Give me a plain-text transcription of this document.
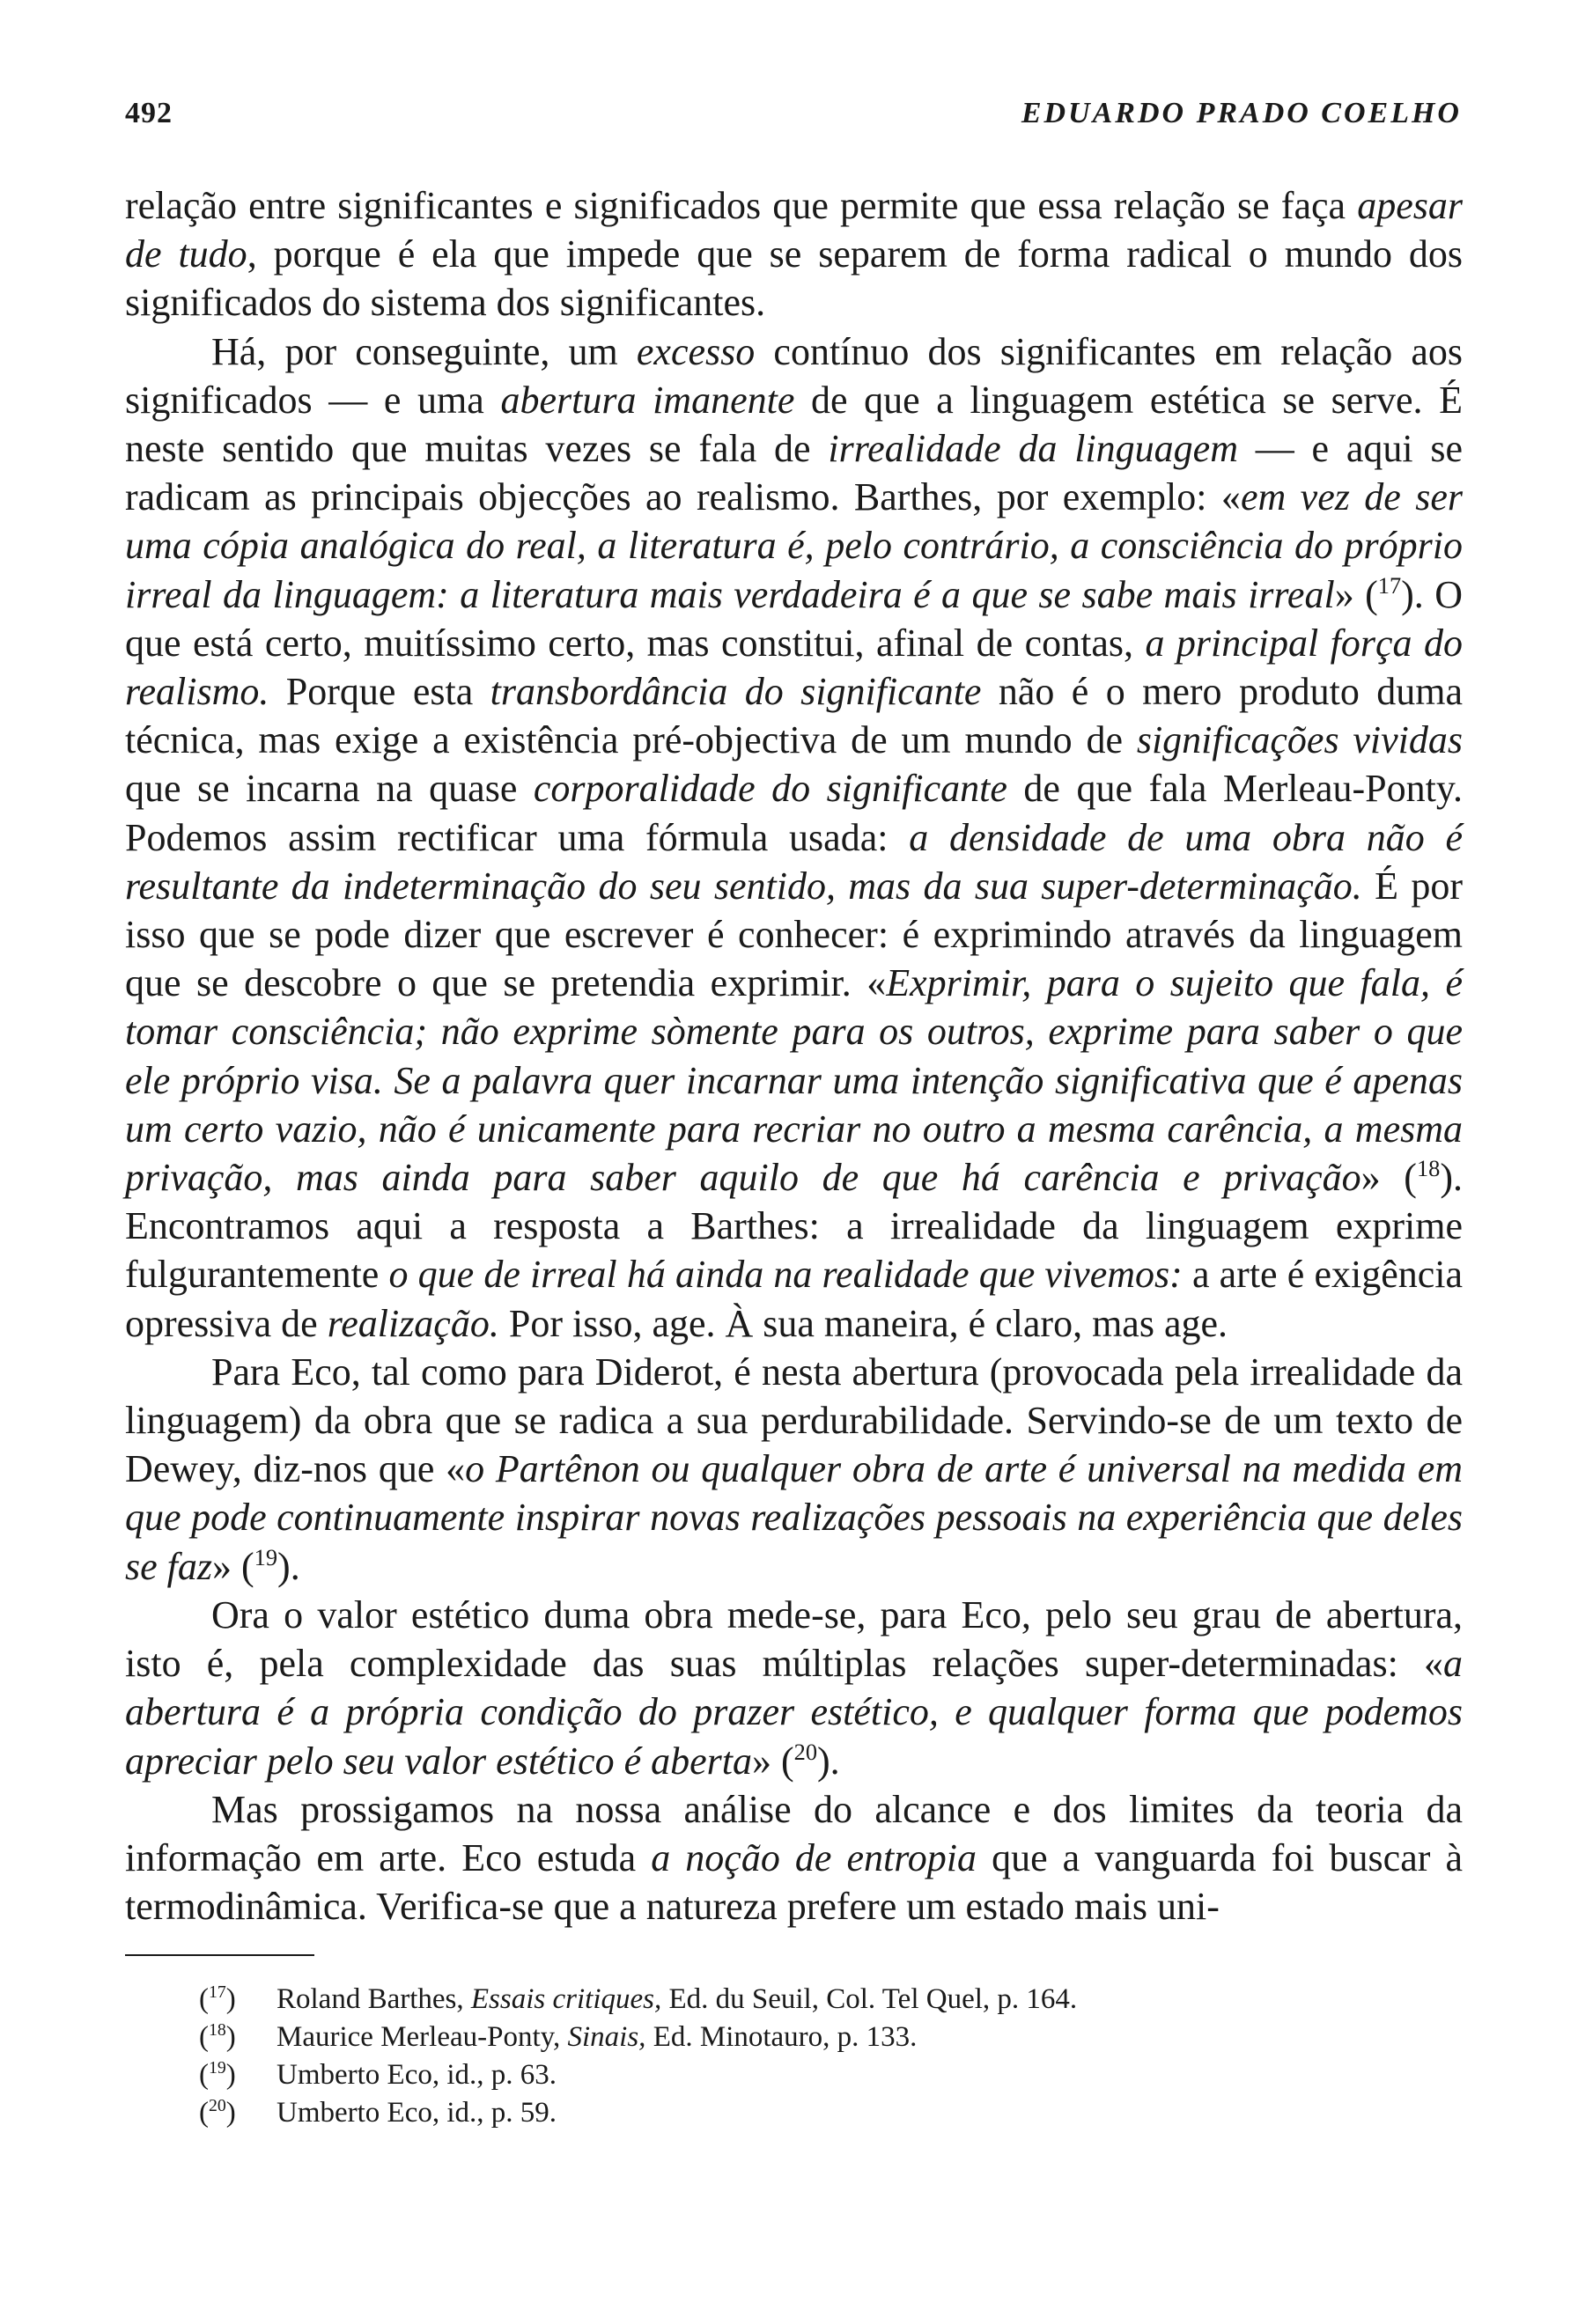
492	EDUARDO PRADO COELHO

relação entre significantes e significados que permite que essa relação se faça apesar de tudo, porque é ela que impede que se separem de forma radical o mundo dos significados do sistema dos significantes.

Há, por conseguinte, um excesso contínuo dos significantes em relação aos significados — e uma abertura imanente de que a linguagem estética se serve. É neste sentido que muitas vezes se fala de irrealidade da linguagem — e aqui se radicam as principais objecções ao realismo. Barthes, por exemplo: «em vez de ser uma cópia analógica do real, a literatura é, pelo contrário, a consciência do próprio irreal da linguagem: a literatura mais verdadeira é a que se sabe mais irreal» ($^{17}$). O que está certo, muitíssimo certo, mas constitui, afinal de contas, a principal força do realismo. Porque esta transbordância do significante não é o mero produto duma técnica, mas exige a existência pré-objectiva de um mundo de significações vividas que se incarna na quase corporalidade do significante de que fala Merleau-Ponty. Podemos assim rectificar uma fórmula usada: a densidade de uma obra não é resultante da indeterminação do seu sentido, mas da sua super-determinação. É por isso que se pode dizer que escrever é conhecer: é exprimindo através da linguagem que se descobre o que se pretendia exprimir. «Exprimir, para o sujeito que fala, é tomar consciência; não exprime sòmente para os outros, exprime para saber o que ele próprio visa. Se a palavra quer incarnar uma intenção significativa que é apenas um certo vazio, não é unicamente para recriar no outro a mesma carência, a mesma privação, mas ainda para saber aquilo de que há carência e privação» ($^{18}$). Encontramos aqui a resposta a Barthes: a irrealidade da linguagem exprime fulgurantemente o que de irreal há ainda na realidade que vivemos: a arte é exigência opressiva de realização. Por isso, age. À sua maneira, é claro, mas age.

Para Eco, tal como para Diderot, é nesta abertura (provocada pela irrealidade da linguagem) da obra que se radica a sua perdurabilidade. Servindo-se de um texto de Dewey, diz-nos que «o Partênon ou qualquer obra de arte é universal na medida em que pode continuamente inspirar novas realizações pessoais na experiência que deles se faz» ($^{19}$).

Ora o valor estético duma obra mede-se, para Eco, pelo seu grau de abertura, isto é, pela complexidade das suas múltiplas relações super-determinadas: «a abertura é a própria condição do prazer estético, e qualquer forma que podemos apreciar pelo seu valor estético é aberta» ($^{20}$).

Mas prossigamos na nossa análise do alcance e dos limites da teoria da informação em arte. Eco estuda a noção de entropia que a vanguarda foi buscar à termodinâmica. Verifica-se que a natureza prefere um estado mais uni-

($^{17}$) Roland Barthes, Essais critiques, Ed. du Seuil, Col. Tel Quel, p. 164.
($^{18}$) Maurice Merleau-Ponty, Sinais, Ed. Minotauro, p. 133.
($^{19}$) Umberto Eco, id., p. 63.
($^{20}$) Umberto Eco, id., p. 59.
